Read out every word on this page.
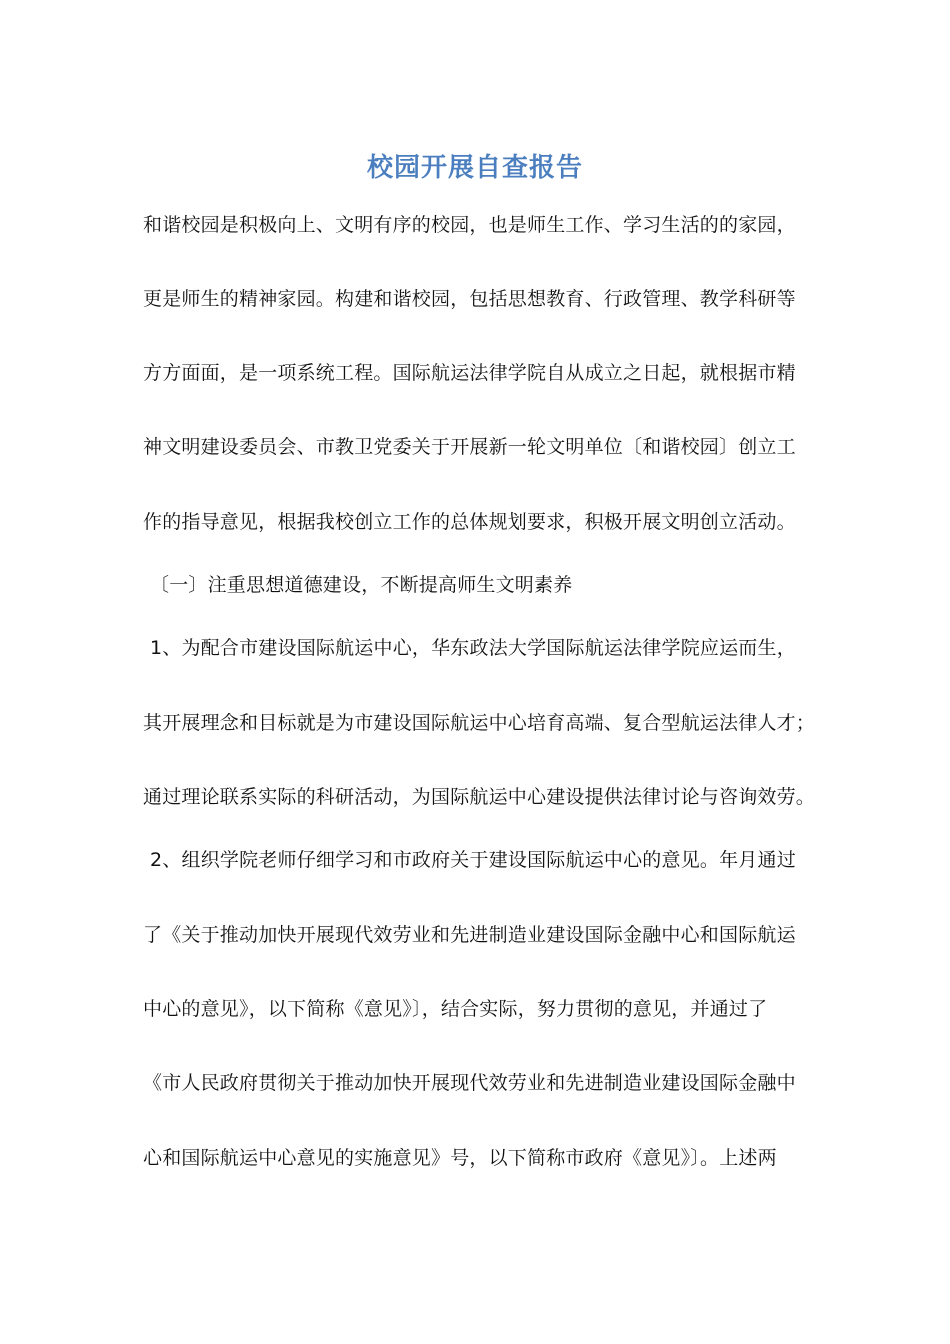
校园开展自查报告
和谐校园是积极向上、文明有序的校园，也是师生工作、学习生活的的家园，
更是师生的精神家园。构建和谐校园，包括思想教育、行政管理、教学科研等
方方面面，是一项系统工程。国际航运法律学院自从成立之日起，就根据市精
神文明建设委员会、市教卫党委关于开展新一轮文明单位〔和谐校园〕创立工
作的指导意见，根据我校创立工作的总体规划要求，积极开展文明创立活动。
〔一〕注重思想道德建设，不断提高师生文明素养
1、为配合市建设国际航运中心，华东政法大学国际航运法律学院应运而生，
其开展理念和目标就是为市建设国际航运中心培育高端、复合型航运法律人才；
通过理论联系实际的科研活动，为国际航运中心建设提供法律讨论与咨询效劳。
2、组织学院老师仔细学习和市政府关于建设国际航运中心的意见。年月通过
了《关于推动加快开展现代效劳业和先进制造业建设国际金融中心和国际航运
中心的意见》，以下简称《意见》〕，结合实际，努力贯彻的意见，并通过了
《市人民政府贯彻关于推动加快开展现代效劳业和先进制造业建设国际金融中
心和国际航运中心意见的实施意见》号，以下简称市政府《意见》〕。上述两
